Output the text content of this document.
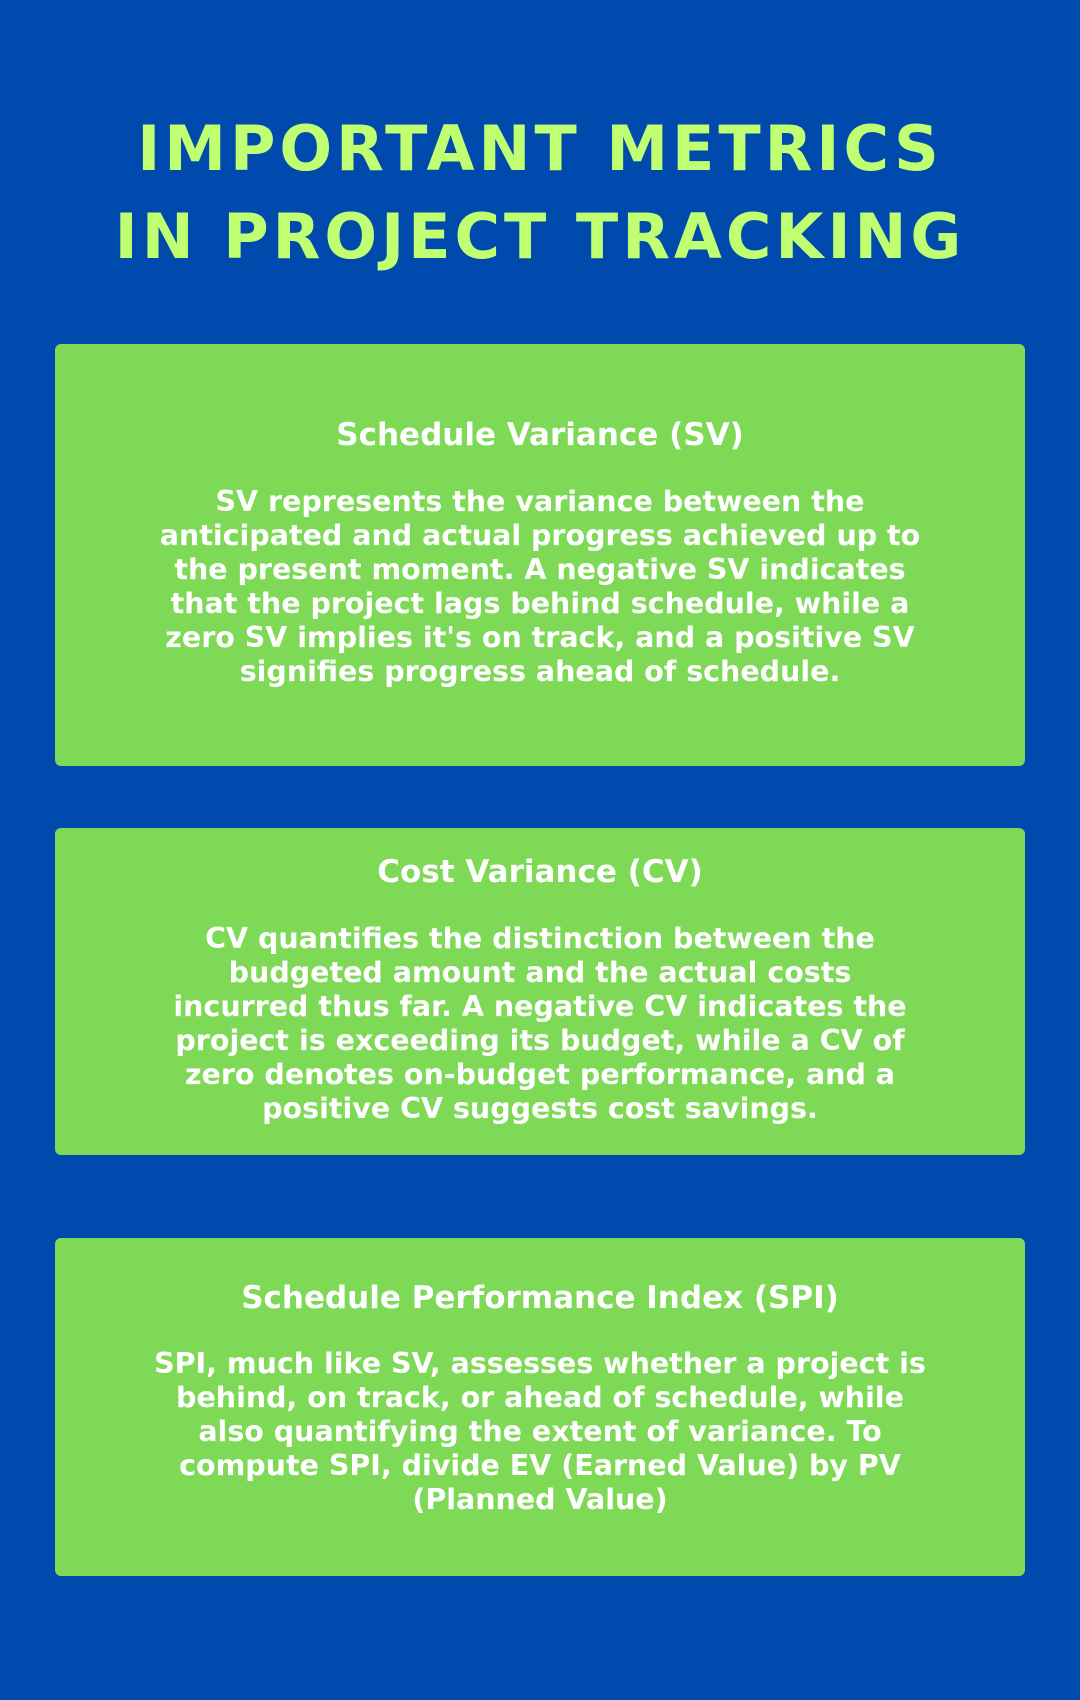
IMPORTANT METRICS
IN PROJECT TRACKING
Schedule Variance (SV)

SV represents the variance between the
anticipated and actual progress achieved up to
the present moment. A negative SV indicates
that the project lags behind schedule, while a
zero SV implies it's on track, and a positive SV
signifies progress ahead of schedule.

Cost Variance (CV)

CV quantifies the distinction between the
budgeted amount and the actual costs
incurred thus far. A negative CV indicates the
project is exceeding its budget, while a CV of
zero denotes on-budget performance, and a
positive CV suggests cost savings.

Schedule Performance Index (SPI)

SPI, much like SV, assesses whether a project is
behind, on track, or ahead of schedule, while
also quantifying the extent of variance. To
compute SPI, divide EV (Earned Value) by PV
(Planned Value)
